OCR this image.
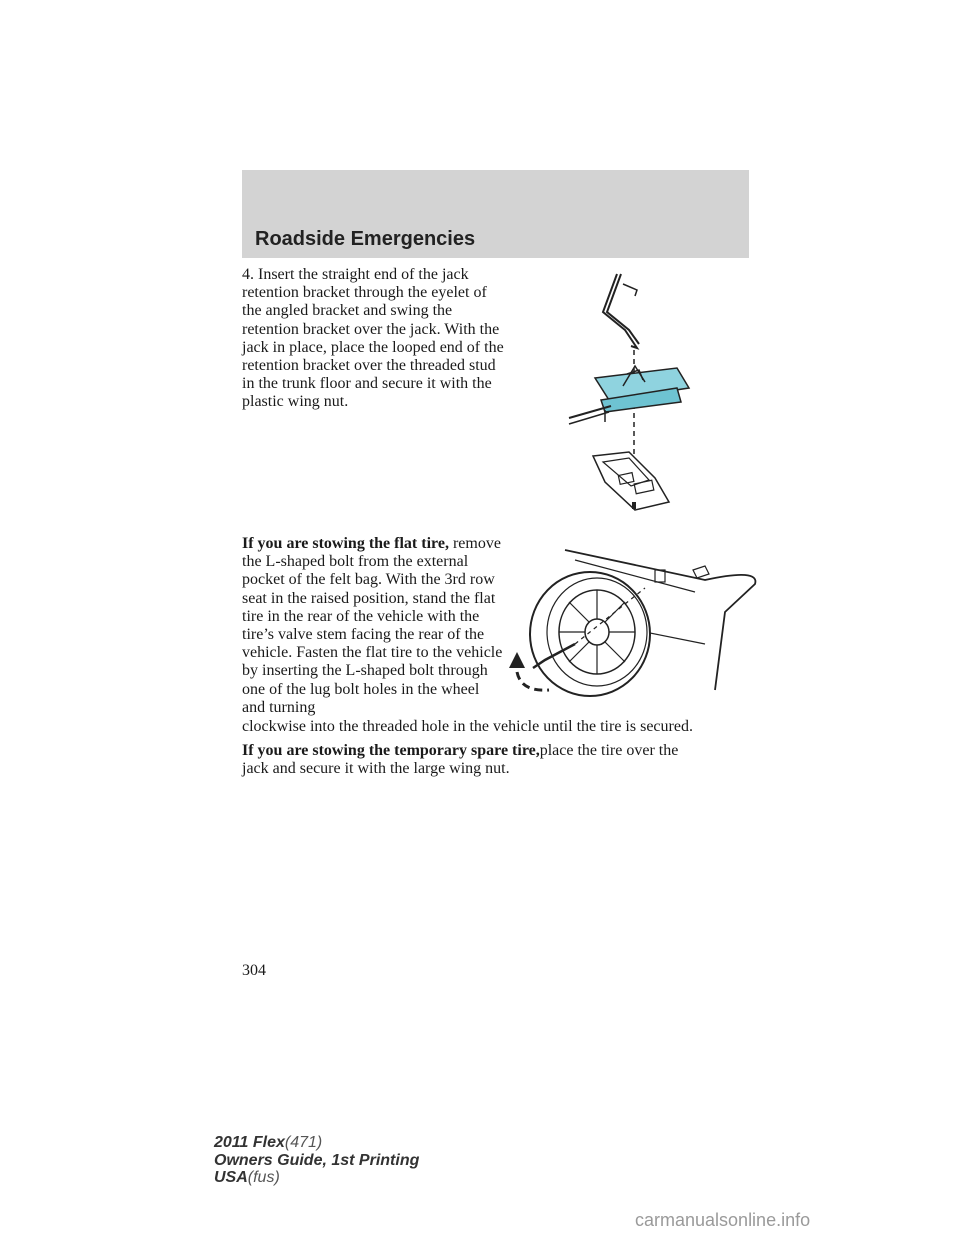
Roadside Emergencies
4. Insert the straight end of the jack retention bracket through the eyelet of the angled bracket and swing the retention bracket over the jack. With the jack in place, place the looped end of the retention bracket over the threaded stud in the trunk floor and secure it with the plastic wing nut.
If you are stowing the flat tire, remove the L-shaped bolt from the external pocket of the felt bag. With the 3rd row seat in the raised position, stand the flat tire in the rear of the vehicle with the tire’s valve stem facing the rear of the vehicle. Fasten the flat tire to the vehicle by inserting the L-shaped bolt through one of the lug bolt holes in the wheel and turning
clockwise into the threaded hole in the vehicle until the tire is secured.
If you are stowing the temporary spare tire,place the tire over the
jack and secure it with the large wing nut.
304
2011 Flex(471)
Owners Guide, 1st Printing
USA(fus)
carmanualsonline.info
